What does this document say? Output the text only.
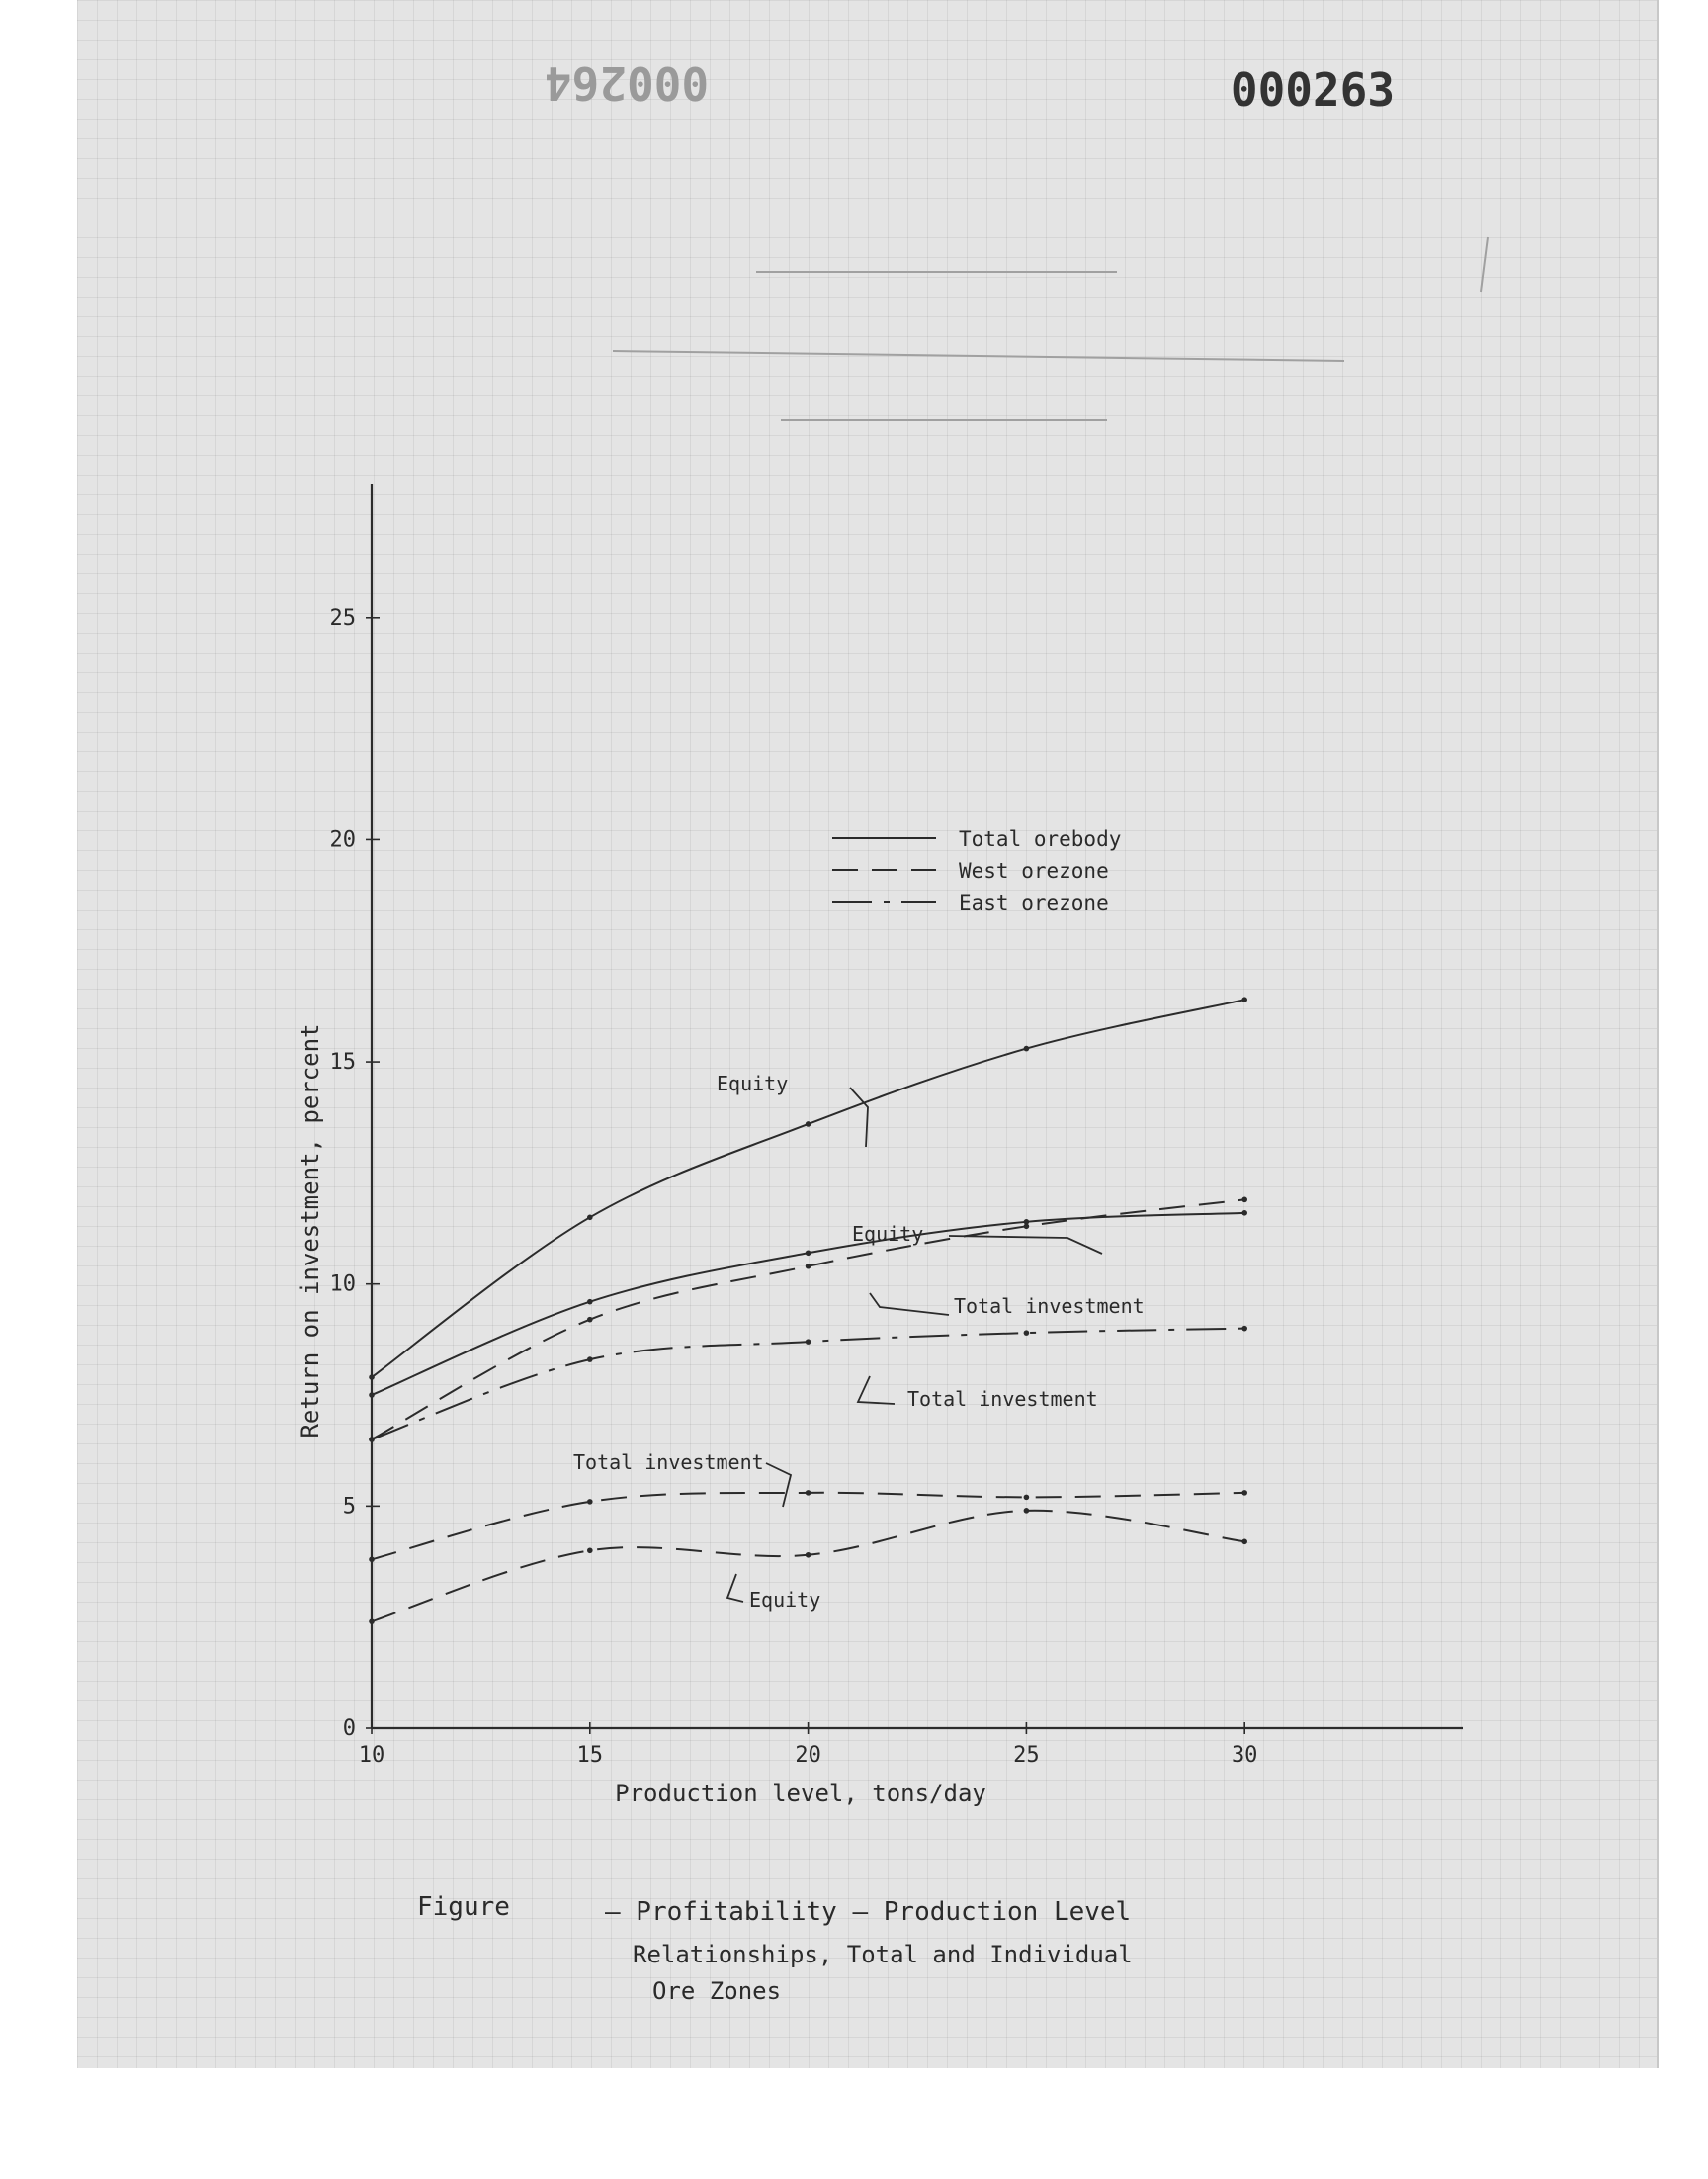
000264	000263
10	15	20	25	30
0
5
10
15
20
25
Total orebody
West orezone
East orezone
Equity
Equity
Total investment
Total investment
Total investment
Equity
Production level, tons/day
Return on investment, percent
Figure	– Profitability – Production Level
Relationships, Total and Individual
Ore Zones
